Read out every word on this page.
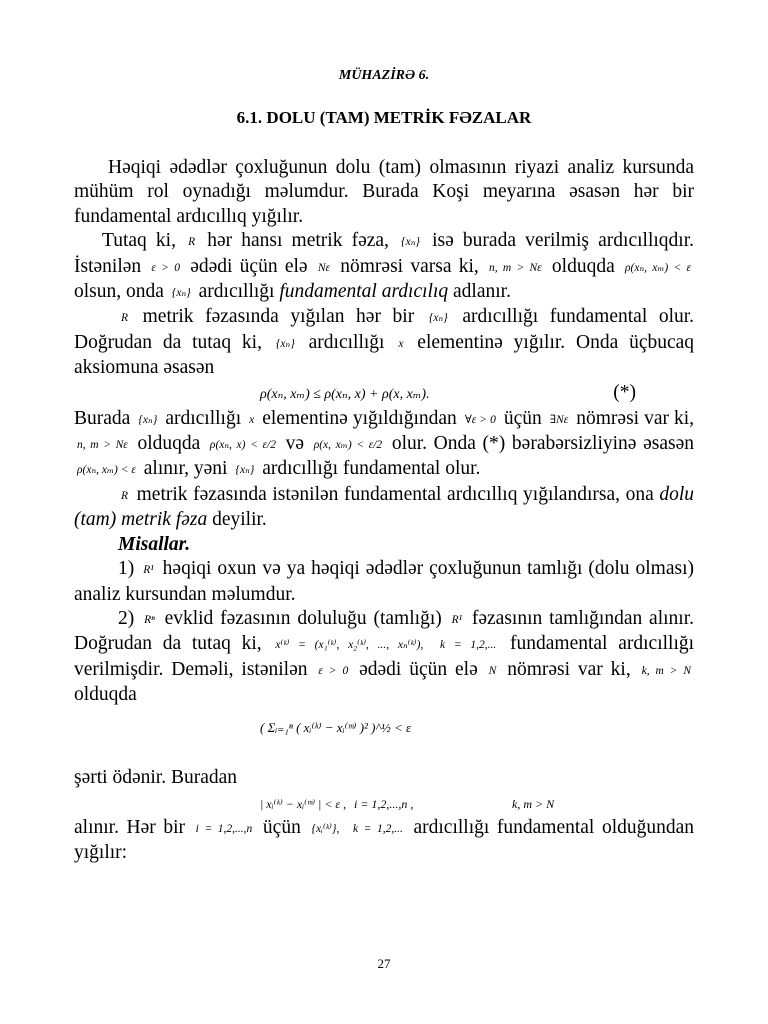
MÜHAZİRƏ 6.
6.1. DOLU (TAM) METRİK FƏZALAR

Həqiqi ədədlər çoxluğunun dolu (tam) olmasının riyazi analiz kursunda mühüm rol oynadığı məlumdur. Burada Koşi meyarına əsasən hər bir fundamental ardıcıllıq yığılır.

Tutaq ki, R hər hansı metrik fəza, {xₙ} isə burada verilmiş ardıcıllıqdır. İstənilən ε > 0 ədədi üçün elə Nε nömrəsi varsa ki, n, m > Nε olduqda ρ(xₙ, xₘ) < ε olsun, onda {xₙ} ardıcıllığı fundamental ardıcılıq adlanır.

R metrik fəzasında yığılan hər bir {xₙ} ardıcıllığı fundamental olur. Doğrudan da tutaq ki, {xₙ} ardıcıllığı x elementinə yığılır. Onda üçbucaq aksiomuna əsasən

ρ(xₙ, xₘ) ≤ ρ(xₙ, x) + ρ(x, xₘ).	(*)

Burada {xₙ} ardıcıllığı x elementinə yığıldığından ∀ε > 0 üçün ∃Nε nömrəsi var ki, n, m > Nε olduqda ρ(xₙ, x) < ε/2 və ρ(x, xₘ) < ε/2 olur. Onda (*) bərabərsizliyinə əsasən ρ(xₙ, xₘ) < ε alınır, yəni {xₙ} ardıcıllığı fundamental olur.

R metrik fəzasında istənilən fundamental ardıcıllıq yığılandırsa, ona dolu (tam) metrik fəza deyilir.

Misallar.

1) R¹ həqiqi oxun və ya həqiqi ədədlər çoxluğunun tamlığı (dolu olması) analiz kursundan məlumdur.

2) Rⁿ evklid fəzasının doluluğu (tamlığı) R¹ fəzasının tamlığından alınır. Doğrudan da tutaq ki, x⁽ᵏ⁾ = (x₁⁽ᵏ⁾, x₂⁽ᵏ⁾, ..., xₙ⁽ᵏ⁾), k = 1,2,... fundamental ardıcıllığı verilmişdir. Deməli, istənilən ε > 0 ədədi üçün elə N nömrəsi var ki, k, m > N olduqda

( Σᵢ₌₁ⁿ ( xᵢ⁽ᵏ⁾ − xᵢ⁽ᵐ⁾ )² )^½ < ε

şərti ödənir. Buradan

| xᵢ⁽ᵏ⁾ − xᵢ⁽ᵐ⁾ | < ε , i = 1,2,...,n ,	k, m > N

alınır. Hər bir i = 1,2,...,n üçün {xᵢ⁽ᵏ⁾}, k = 1,2,... ardıcıllığı fundamental olduğundan yığılır:

27
